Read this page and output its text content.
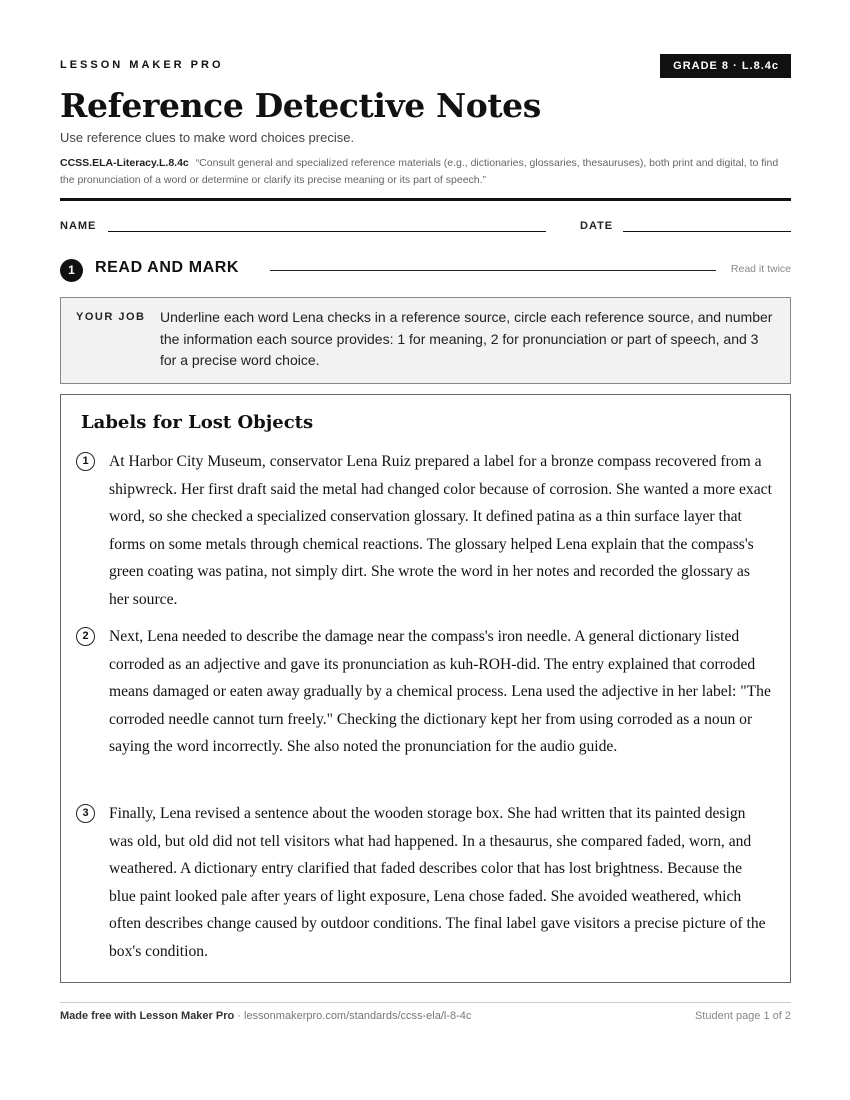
LESSON MAKER PRO	GRADE 8 · L.8.4c
Reference Detective Notes
Use reference clues to make word choices precise.
CCSS.ELA-Literacy.L.8.4c “Consult general and specialized reference materials (e.g., dictionaries, glossaries, thesauruses), both print and digital, to find the pronunciation of a word or determine or clarify its precise meaning or its part of speech.”
NAME	DATE
1	READ AND MARK	Read it twice
YOUR JOB Underline each word Lena checks in a reference source, circle each reference source, and number the information each source provides: 1 for meaning, 2 for pronunciation or part of speech, and 3 for a precise word choice.
Labels for Lost Objects
1	At Harbor City Museum, conservator Lena Ruiz prepared a label for a bronze compass recovered from a shipwreck. Her first draft said the metal had changed color because of corrosion. She wanted a more exact word, so she checked a specialized conservation glossary. It defined patina as a thin surface layer that forms on some metals through chemical reactions. The glossary helped Lena explain that the compass's green coating was patina, not simply dirt. She wrote the word in her notes and recorded the glossary as her source.

2	Next, Lena needed to describe the damage near the compass's iron needle. A general dictionary listed corroded as an adjective and gave its pronunciation as kuh-ROH-did. The entry explained that corroded means damaged or eaten away gradually by a chemical process. Lena used the adjective in her label: "The corroded needle cannot turn freely." Checking the dictionary kept her from using corroded as a noun or saying the word incorrectly. She also noted the pronunciation for the audio guide.

3	Finally, Lena revised a sentence about the wooden storage box. She had written that its painted design was old, but old did not tell visitors what had happened. In a thesaurus, she compared faded, worn, and weathered. A dictionary entry clarified that faded describes color that has lost brightness. Because the blue paint looked pale after years of light exposure, Lena chose faded. She avoided weathered, which often describes change caused by outdoor conditions. The final label gave visitors a precise picture of the box's condition.

Made free with Lesson Maker Pro · lessonmakerpro.com/standards/ccss-ela/l-8-4c	Student page 1 of 2
